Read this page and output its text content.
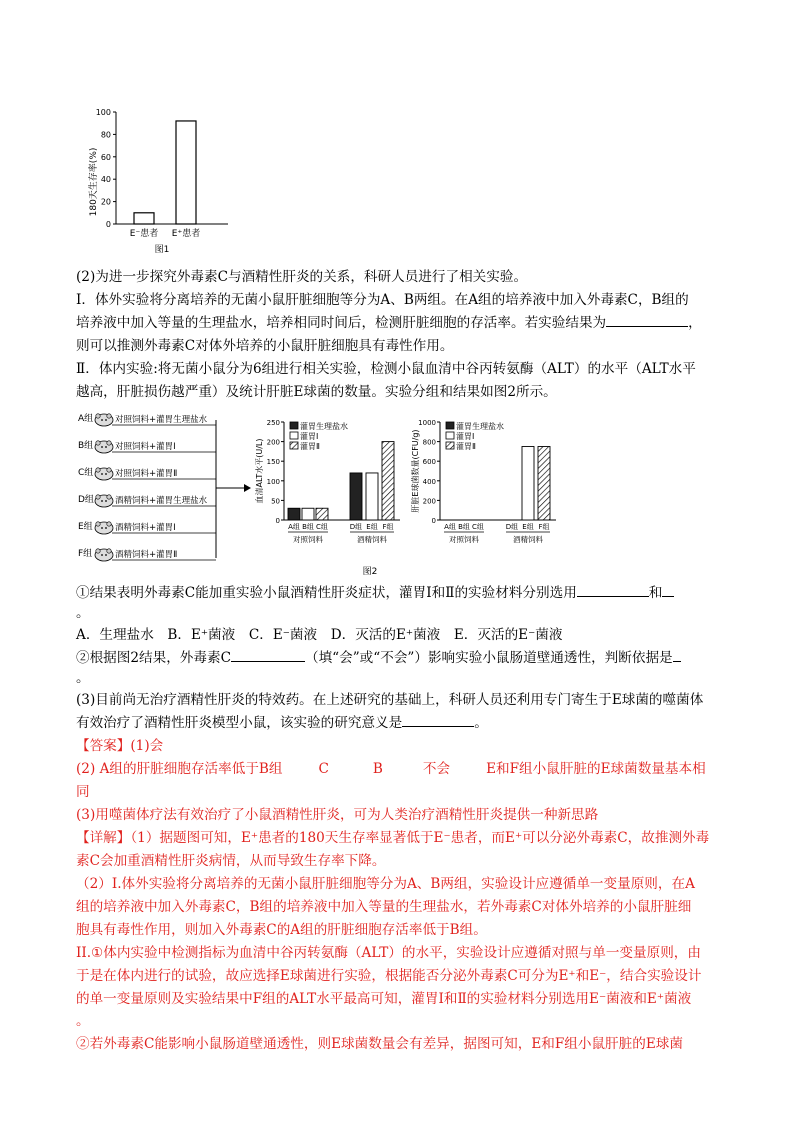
180天生存率(%)
0
20
40
60
80
100
E⁻患者 E⁺患者
图1
(2)为进一步探究外毒素C与酒精性肝炎的关系，科研人员进行了相关实验。
I．体外实验将分离培养的无菌小鼠肝脏细胞等分为A、B两组。在A组的培养液中加入外毒素C，B组的
培养液中加入等量的生理盐水，培养相同时间后，检测肝脏细胞的存活率。若实验结果为	，
则可以推测外毒素C对体外培养的小鼠肝脏细胞具有毒性作用。
Ⅱ．体内实验:将无菌小鼠分为6组进行相关实验，检测小鼠血清中谷丙转氨酶（ALT）的水平（ALT水平
越高，肝脏损伤越严重）及统计肝脏E球菌的数量。实验分组和结果如图2所示。
A组	对照饲料+灌胃生理盐水
B组	对照饲料+灌胃Ⅰ
C组	对照饲料+灌胃Ⅱ
D组 酒精饲料+灌胃生理盐水
E组	酒精饲料+灌胃Ⅰ
F组	酒精饲料+灌胃Ⅱ
血清ALT水平(U/L)
0
50
100
150
200
250	灌胃生理盐水
灌胃Ⅰ
灌胃Ⅱ
A组 B组 C组	D组 E组 F组
对照饲料	酒精饲料
肝脏E球菌数量(CFU/g)
0
200
400
600
800
1000	灌胃生理盐水
灌胃Ⅰ
灌胃Ⅱ
A组 B组 C组	D组 E组 F组
对照饲料	酒精饲料
图2
①结果表明外毒素C能加重实验小鼠酒精性肝炎症状，灌胃Ⅰ和Ⅱ的实验材料分别选用	和
。
A．生理盐水　B．E⁺菌液　C．E⁻菌液　D．灭活的E⁺菌液　E．灭活的E⁻菌液
②根据图2结果，外毒素C	（填“会”或“不会”）影响实验小鼠肠道壁通透性，判断依据是
。
(3)目前尚无治疗酒精性肝炎的特效药。在上述研究的基础上，科研人员还利用专门寄生于E球菌的噬菌体
有效治疗了酒精性肝炎模型小鼠，该实验的研究意义是	。
【答案】(1)会
(2) A组的肝脏细胞存活率低于B组	C	B	不会	E和F组小鼠肝脏的E球菌数量基本相
同
(3)用噬菌体疗法有效治疗了小鼠酒精性肝炎，可为人类治疗酒精性肝炎提供一种新思路
【详解】（1）据题图可知，E⁺患者的180天生存率显著低于E⁻患者，而E⁺可以分泌外毒素C，故推测外毒
素C会加重酒精性肝炎病情，从而导致生存率下降。
（2）I.体外实验将分离培养的无菌小鼠肝脏细胞等分为A、B两组，实验设计应遵循单一变量原则，在A
组的培养液中加入外毒素C，B组的培养液中加入等量的生理盐水，若外毒素C对体外培养的小鼠肝脏细
胞具有毒性作用，则加入外毒素C的A组的肝脏细胞存活率低于B组。
II.①体内实验中检测指标为血清中谷丙转氨酶（ALT）的水平，实验设计应遵循对照与单一变量原则，由
于是在体内进行的试验，故应选择E球菌进行实验，根据能否分泌外毒素C可分为E⁺和E⁻，结合实验设计
的单一变量原则及实验结果中F组的ALT水平最高可知，灌胃Ⅰ和Ⅱ的实验材料分别选用E⁻菌液和E⁺菌液
。
②若外毒素C能影响小鼠肠道壁通透性，则E球菌数量会有差异，据图可知，E和F组小鼠肝脏的E球菌
